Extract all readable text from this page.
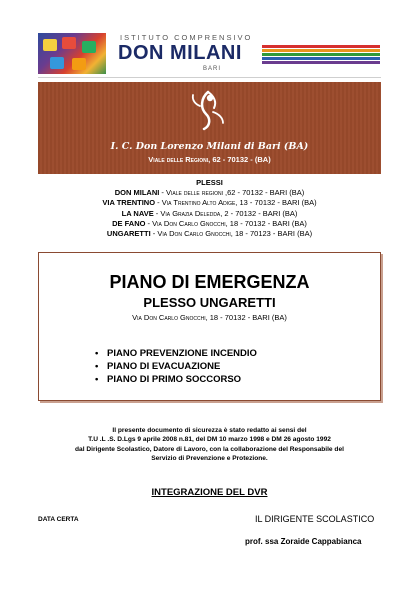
ISTITUTO COMPRENSIVO
DON MILANI
BARI
I. C. Don Lorenzo Milani di Bari (BA)
Viale delle Regioni, 62 - 70132 - (BA)
PLESSI
DON MILANI - Viale delle regioni ,62 - 70132 - BARI (BA)
VIA TRENTINO - Via Trentino Alto Adige, 13 - 70132 - BARI (BA)
LA NAVE - Via Grazia Deledda, 2 - 70132 - BARI (BA)
DE FANO - Via Don Carlo Gnocchi, 18 - 70132 - BARI (BA)
UNGARETTI - Via Don Carlo Gnocchi, 18 - 70123 - BARI (BA)
PIANO DI EMERGENZA
PLESSO UNGARETTI
Via Don Carlo Gnocchi, 18 - 70132 - BARI (BA)
• PIANO PREVENZIONE INCENDIO
• PIANO DI EVACUAZIONE
• PIANO DI PRIMO SOCCORSO
Il presente documento di sicurezza è stato redatto ai sensi del
T.U .L .S. D.Lgs 9 aprile 2008 n.81, del DM 10 marzo 1998 e DM 26 agosto 1992
dal Dirigente Scolastico, Datore di Lavoro, con la collaborazione del Responsabile del
Servizio di Prevenzione e Protezione.
INTEGRAZIONE DEL DVR
DATA CERTA	IL DIRIGENTE SCOLASTICO
prof. ssa Zoraide Cappabianca
